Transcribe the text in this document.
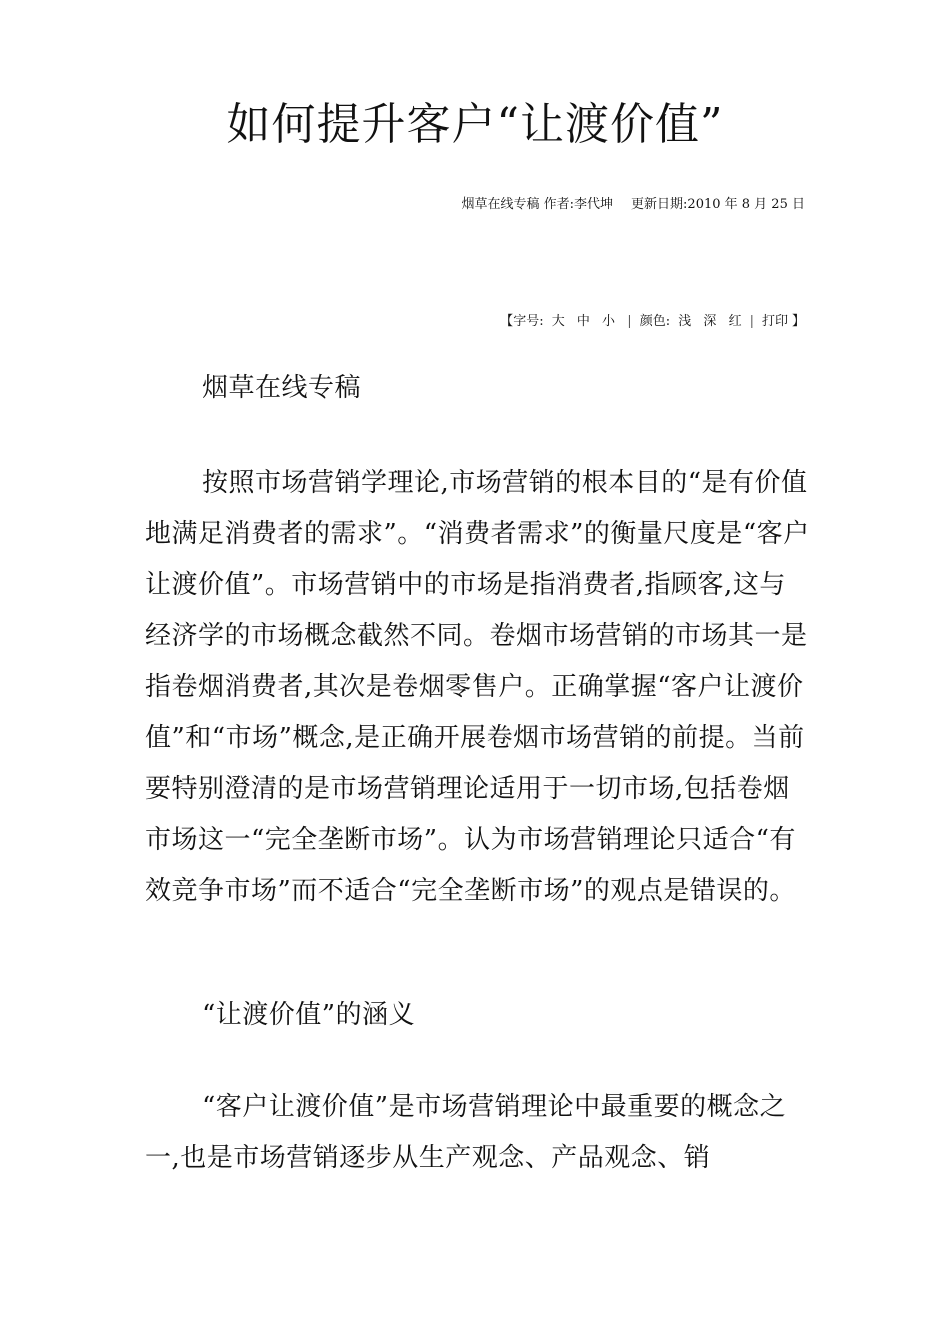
如何提升客户“让渡价值”
烟草在线专稿 作者:李代坤 更新日期:2010 年 8 月 25 日
【字号: 大 中 小 | 颜色: 浅 深 红 | 打印 】

烟草在线专稿

按照市场营销学理论,市场营销的根本目的“是有价值地满足消费者的需求”。“消费者需求”的衡量尺度是“客户让渡价值”。市场营销中的市场是指消费者,指顾客,这与经济学的市场概念截然不同。卷烟市场营销的市场其一是指卷烟消费者,其次是卷烟零售户。正确掌握“客户让渡价值”和“市场”概念,是正确开展卷烟市场营销的前提。当前要特别澄清的是市场营销理论适用于一切市场,包括卷烟市场这一“完全垄断市场”。认为市场营销理论只适合“有效竞争市场”而不适合“完全垄断市场”的观点是错误的。

“让渡价值”的涵义

“客户让渡价值”是市场营销理论中最重要的概念之一,也是市场营销逐步从生产观念、产品观念、销
